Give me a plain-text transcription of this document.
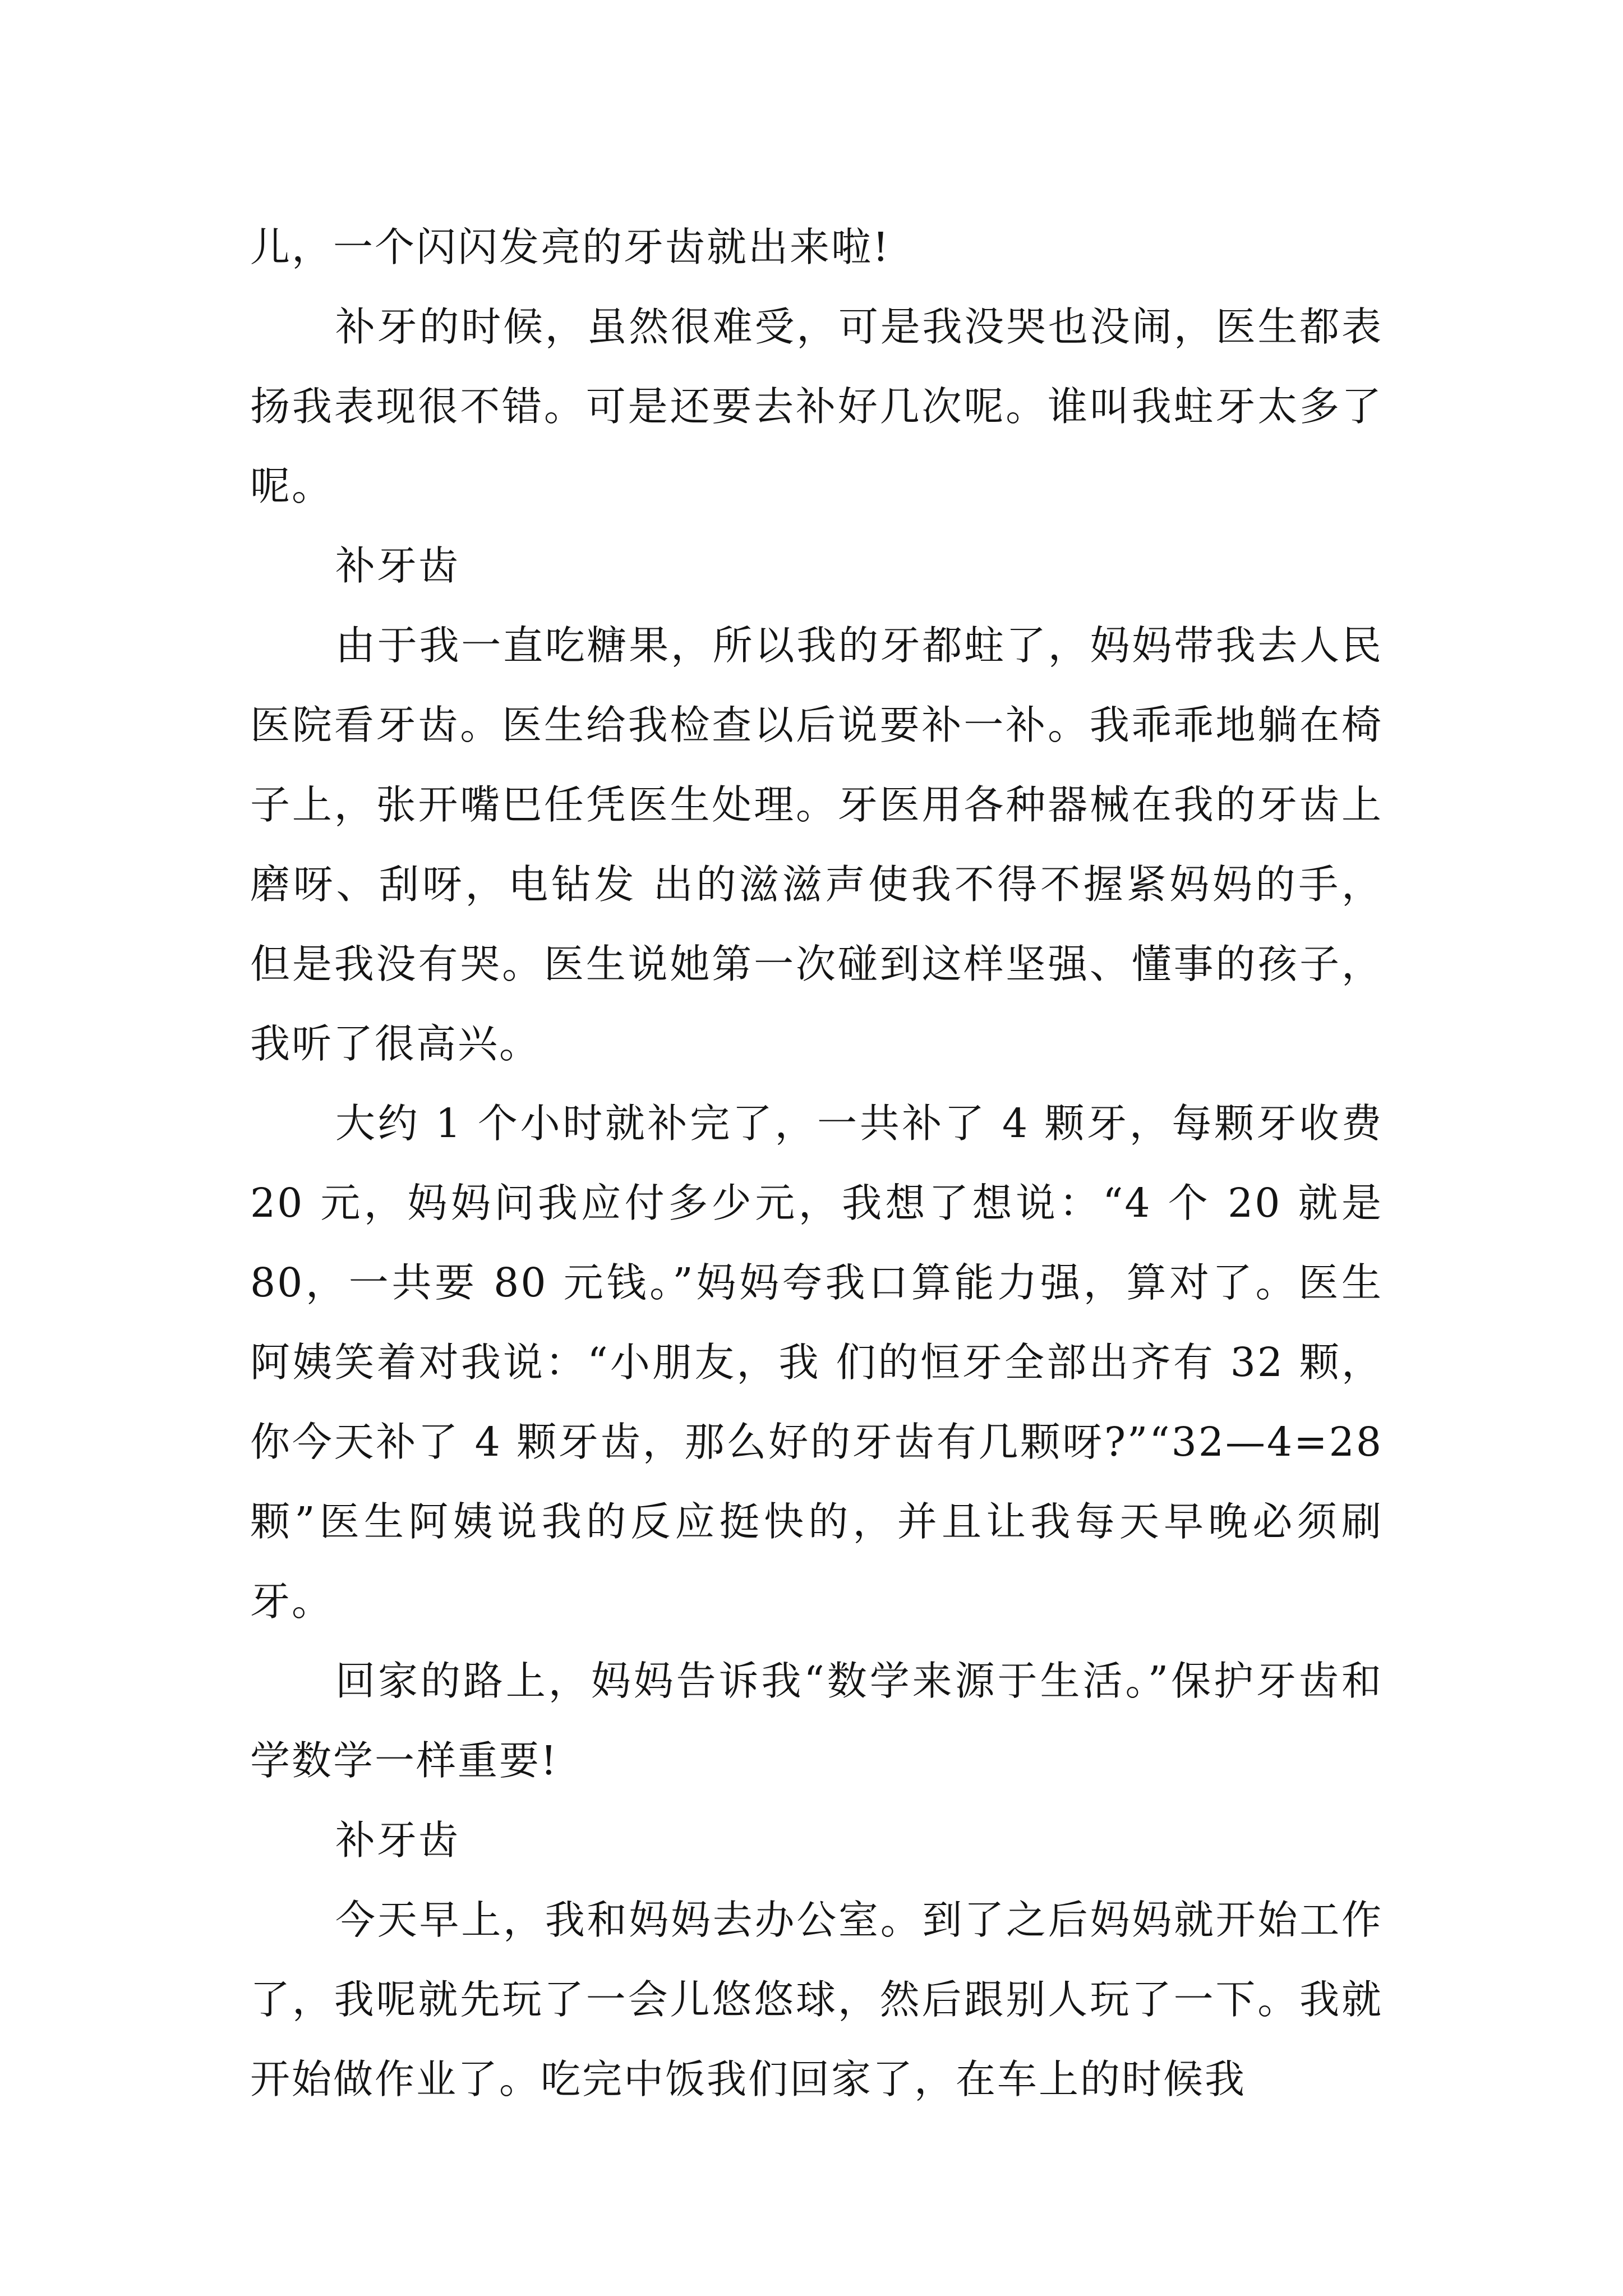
儿，一个闪闪发亮的牙齿就出来啦!

补牙的时候，虽然很难受，可是我没哭也没闹，医生都表扬我表现很不错。可是还要去补好几次呢。谁叫我蛀牙太多了呢。

补牙齿

由于我一直吃糖果，所以我的牙都蛀了，妈妈带我去人民医院看牙齿。医生给我检查以后说要补一补。我乖乖地躺在椅子上，张开嘴巴任凭医生处理。牙医用各种器械在我的牙齿上磨呀、刮呀，电钻发 出的滋滋声使我不得不握紧妈妈的手，但是我没有哭。医生说她第一次碰到这样坚强、懂事的孩子，我听了很高兴。

大约 1 个小时就补完了，一共补了 4 颗牙，每颗牙收费 20 元，妈妈问我应付多少元，我想了想说：“4 个 20 就是 80，一共要 80 元钱。”妈妈夸我口算能力强，算对了。医生阿姨笑着对我说：“小朋友，我 们的恒牙全部出齐有 32 颗，你今天补了 4 颗牙齿，那么好的牙齿有几颗呀?”“32—4=28 颗”医生阿姨说我的反应挺快的，并且让我每天早晚必须刷牙。

回家的路上，妈妈告诉我“数学来源于生活。”保护牙齿和学数学一样重要!

补牙齿

今天早上，我和妈妈去办公室。到了之后妈妈就开始工作了，我呢就先玩了一会儿悠悠球，然后跟别人玩了一下。我就开始做作业了。吃完中饭我们回家了，在车上的时候我
